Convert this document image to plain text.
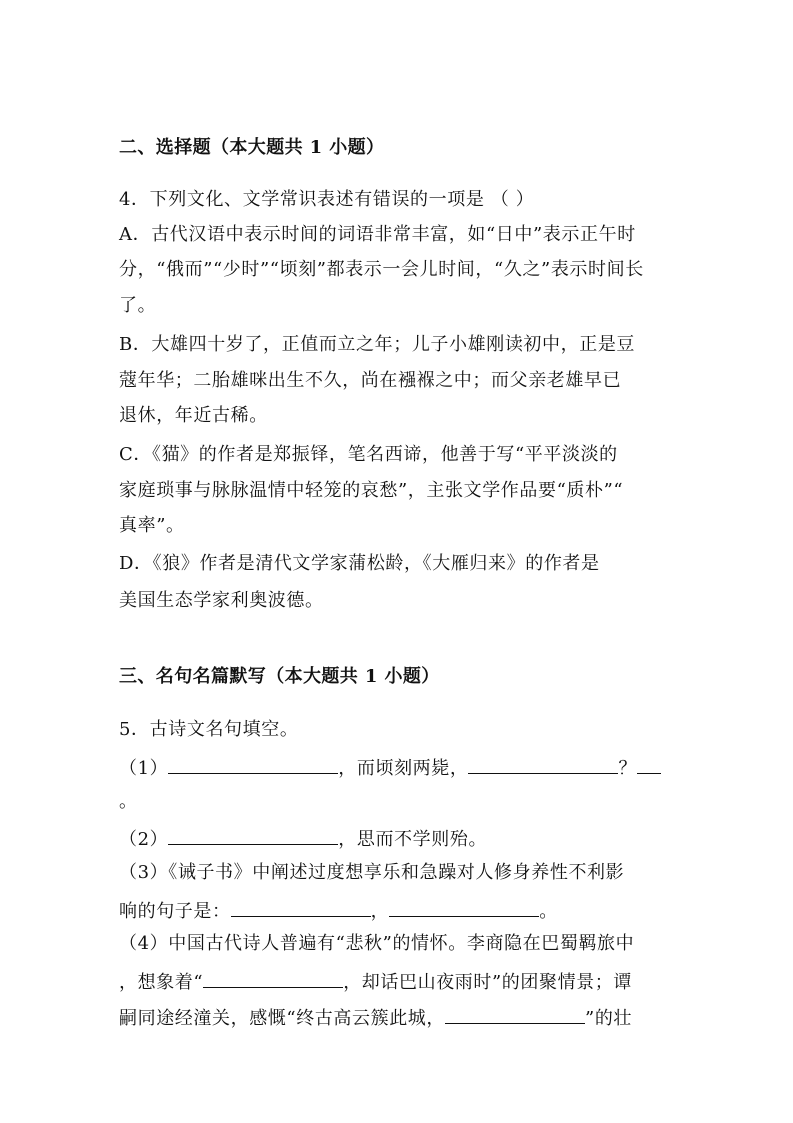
二、选择题（本大题共 1 小题）
4．下列文化、文学常识表述有错误的一项是 （ ）
A．古代汉语中表示时间的词语非常丰富，如“日中”表示正午时
分，“俄而”“少时”“顷刻”都表示一会儿时间，“久之”表示时间长
了。
B．大雄四十岁了，正值而立之年；儿子小雄刚读初中，正是豆
蔻年华；二胎雄咪出生不久，尚在襁褓之中；而父亲老雄早已
退休，年近古稀。
C．《猫》的作者是郑振铎，笔名西谛，他善于写“平平淡淡的
家庭琐事与脉脉温情中轻笼的哀愁”，主张文学作品要“质朴”“
真率”。
D．《狼》作者是清代文学家蒲松龄，《大雁归来》的作者是
美国生态学家利奥波德。
三、名句名篇默写（本大题共 1 小题）
5．古诗文名句填空。
（1）	，而顷刻两毙，	？
。
（2）	，思而不学则殆。
（3）《诫子书》中阐述过度想享乐和急躁对人修身养性不利影
响的句子是：	，	。
（4）中国古代诗人普遍有“悲秋”的情怀。李商隐在巴蜀羁旅中
，想象着“	，却话巴山夜雨时”的团聚情景；谭
嗣同途经潼关，感慨“终古高云簇此城，	”的壮
